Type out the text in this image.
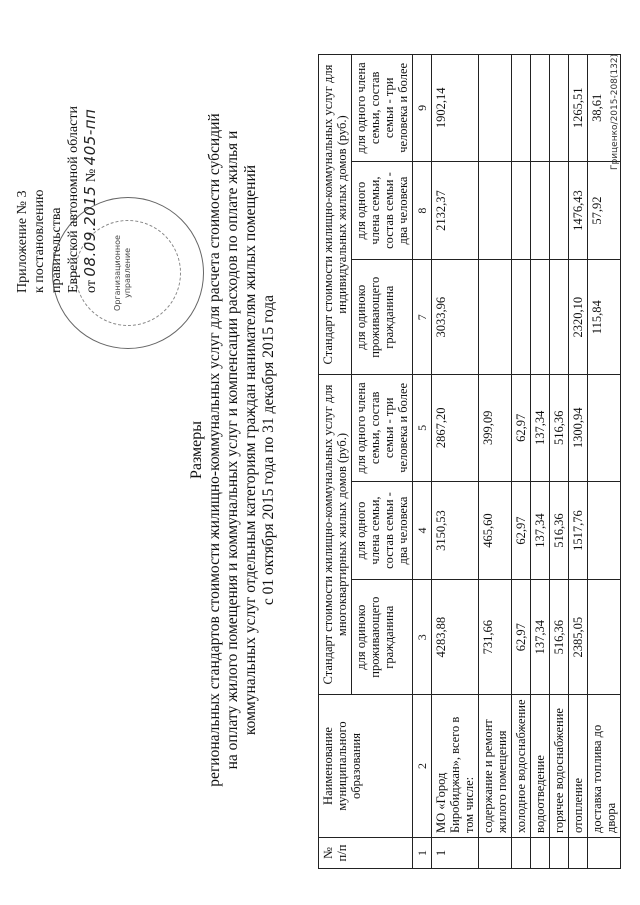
Организационное управление
Приложение № 3 к постановлению правительства Еврейской автономной области от 08.09.2015 № 405-пп
Размеры региональных стандартов стоимости жилищно-коммунальных услуг для расчета стоимости субсидий на оплату жилого помещения и коммунальных услуг и компенсации расходов по оплате жилья и коммунальных услуг отдельным категориям граждан нанимателям жилых помещений с 01 октября 2015 года по 31 декабря 2015 года
№ п/п	Наименование муниципального образования	Стандарт стоимости жилищно-коммунальных услуг для многоквартирных жилых домов (руб.)			Стандарт стоимости жилищно-коммунальных услуг для индивидуальных жилых домов (руб.)		
		для одиноко проживающего гражданина	для одного члена семьи, состав семьи - два человека	для одного члена семьи, состав семьи - три человека и более	для одиноко проживающего гражданина	для одного члена семьи, состав семьи - два человека	для одного члена семьи, состав семьи - три человека и более
1	2	3	4	5	7	8	9
1	МО «Город Биробиджан», всего в том числе:	4283,88	3150,53	2867,20	3033,96	2132,37	1902,14
	содержание и ремонт жилого помещения	731,66	465,60	399,09			
	холодное водоснабжение	62,97	62,97	62,97			
	водоотведение	137,34	137,34	137,34			
	горячее водоснабжение	516,36	516,36	516,36			
	отопление	2385,05	1517,76	1300,94	2320,10	1476,43	1265,51
	доставка топлива до двора				115,84	57,92	38,61 Гриценко/2015-208(132)
